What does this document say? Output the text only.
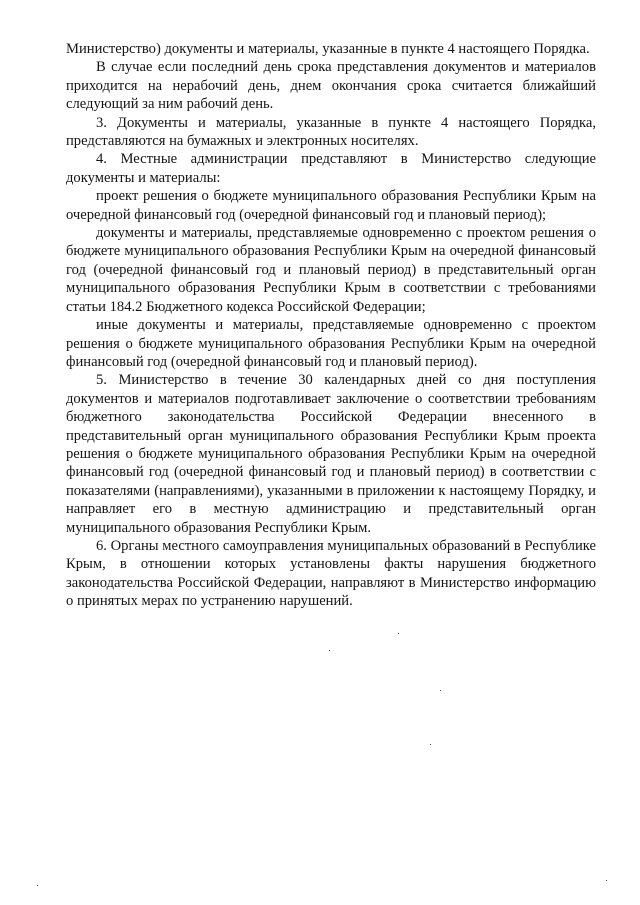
Министерство) документы и материалы, указанные в пункте 4 настоящего Порядка.

В случае если последний день срока представления документов и материалов приходится на нерабочий день, днем окончания срока считается ближайший следующий за ним рабочий день.

3. Документы и материалы, указанные в пункте 4 настоящего Порядка, представляются на бумажных и электронных носителях.

4. Местные администрации представляют в Министерство следующие документы и материалы:

проект решения о бюджете муниципального образования Республики Крым на очередной финансовый год (очередной финансовый год и плановый период);

документы и материалы, представляемые одновременно с проектом решения о бюджете муниципального образования Республики Крым на очередной финансовый год (очередной финансовый год и плановый период) в представительный орган муниципального образования Республики Крым в соответствии с требованиями статьи 184.2 Бюджетного кодекса Российской Федерации;

иные документы и материалы, представляемые одновременно с проектом решения о бюджете муниципального образования Республики Крым на очередной финансовый год (очередной финансовый год и плановый период).

5. Министерство в течение 30 календарных дней со дня поступления документов и материалов подготавливает заключение о соответствии требованиям бюджетного законодательства Российской Федерации внесенного в представительный орган муниципального образования Республики Крым проекта решения о бюджете муниципального образования Республики Крым на очередной финансовый год (очередной финансовый год и плановый период) в соответствии с показателями (направлениями), указанными в приложении к настоящему Порядку, и направляет его в местную администрацию и представительный орган муниципального образования Республики Крым.

6. Органы местного самоуправления муниципальных образований в Республике Крым, в отношении которых установлены факты нарушения бюджетного законодательства Российской Федерации, направляют в Министерство информацию о принятых мерах по устранению нарушений.
